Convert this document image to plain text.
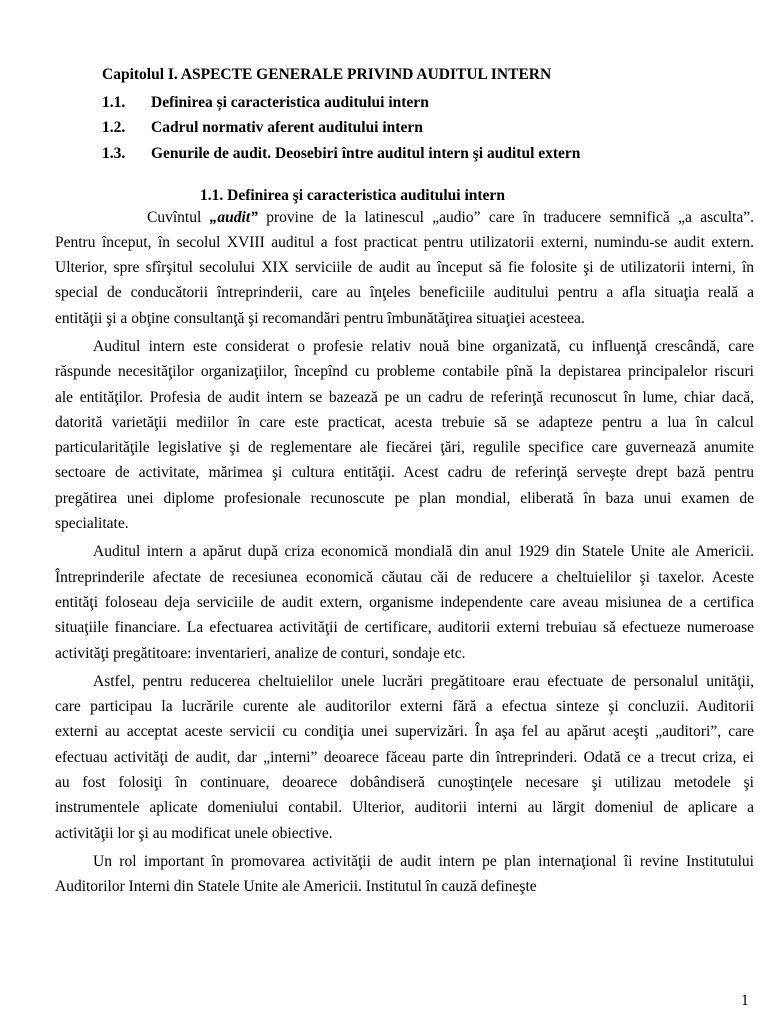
Capitolul I. ASPECTE GENERALE PRIVIND AUDITUL INTERN
1.1. Definirea și caracteristica auditului intern
1.2. Cadrul normativ aferent auditului intern
1.3. Genurile de audit. Deosebiri între auditul intern şi auditul extern
1.1. Definirea şi caracteristica auditului intern
Cuvîntul „audit” provine de la latinescul „audio” care în traducere semnifică „a asculta”.
Pentru început, în secolul XVIII auditul a fost practicat pentru utilizatorii externi, numindu-se audit extern.
Ulterior, spre sfîrşitul secolului XIX serviciile de audit au început să fie folosite şi de utilizatorii interni, în
special de conducătorii întreprinderii, care au înţeles beneficiile auditului pentru a afla situaţia reală a
entităţii şi a obţine consultanţă şi recomandări pentru îmbunătăţirea situaţiei acesteea.
Auditul intern este considerat o profesie relativ nouă bine organizată, cu influenţă crescândă, care
răspunde necesităţilor organizaţiilor, începînd cu probleme contabile pînă la depistarea principalelor riscuri
ale entităţilor. Profesia de audit intern se bazează pe un cadru de referinţă recunoscut în lume, chiar dacă,
datorită varietăţii mediilor în care este practicat, acesta trebuie să se adapteze pentru a lua în calcul
particularităţile legislative şi de reglementare ale fiecărei ţări, regulile specifice care guvernează anumite
sectoare de activitate, mărimea şi cultura entităţii. Acest cadru de referinţă serveşte drept bază pentru
pregătirea unei diplome profesionale recunoscute pe plan mondial, eliberată în baza unui examen de
specialitate.
Auditul intern a apărut după criza economică mondială din anul 1929 din Statele Unite ale Americii.
Întreprinderile afectate de recesiunea economică căutau căi de reducere a cheltuielilor şi taxelor. Aceste
entităţi foloseau deja serviciile de audit extern, organisme independente care aveau misiunea de a certifica
situaţiile financiare. La efectuarea activităţii de certificare, auditorii externi trebuiau să efectueze numeroase
activităţi pregătitoare: inventarieri, analize de conturi, sondaje etc.
Astfel, pentru reducerea cheltuielilor unele lucrări pregătitoare erau efectuate de personalul unităţii,
care participau la lucrările curente ale auditorilor externi fără a efectua sinteze şi concluzii. Auditorii
externi au acceptat aceste servicii cu condiţia unei supervizări. În aşa fel au apărut aceşti „auditori”, care
efectuau activităţi de audit, dar „interni” deoarece făceau parte din întreprinderi. Odată ce a trecut criza, ei
au fost folosiţi în continuare, deoarece dobândiseră cunoştinţele necesare şi utilizau metodele şi
instrumentele aplicate domeniului contabil. Ulterior, auditorii interni au lărgit domeniul de aplicare a
activităţii lor şi au modificat unele obiective.
Un rol important în promovarea activităţii de audit intern pe plan internaţional îi revine Institutului
Auditorilor Interni din Statele Unite ale Americii. Institutul în cauză defineşte
1
